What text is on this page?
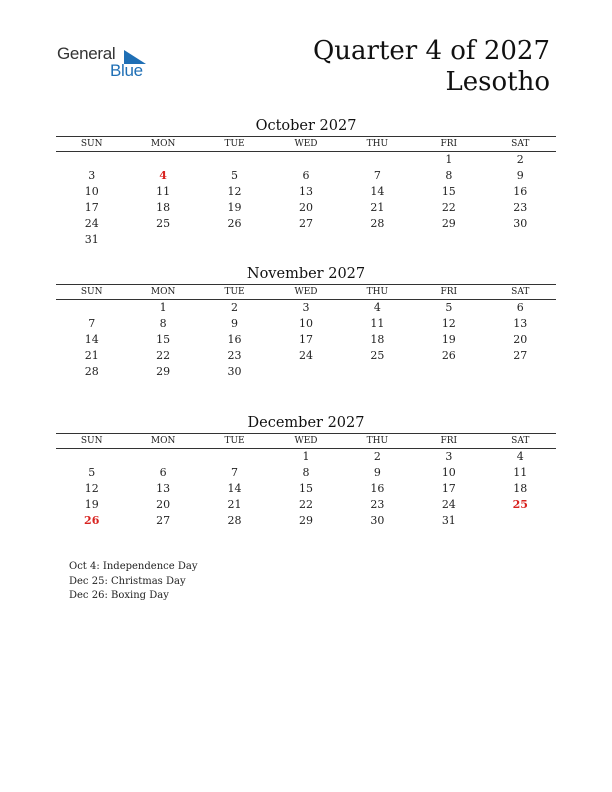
General
Blue
Quarter 4 of 2027
Lesotho
October 2027
SUN	MON	TUE	WED	THU	FRI	SAT
					1	2
3	4	5	6	7	8	9
10	11	12	13	14	15	16
17	18	19	20	21	22	23
24	25	26	27	28	29	30
31						
November 2027
SUN	MON	TUE	WED	THU	FRI	SAT
	1	2	3	4	5	6
7	8	9	10	11	12	13
14	15	16	17	18	19	20
21	22	23	24	25	26	27
28	29	30				
December 2027
SUN	MON	TUE	WED	THU	FRI	SAT
			1	2	3	4
5	6	7	8	9	10	11
12	13	14	15	16	17	18
19	20	21	22	23	24	25
26	27	28	29	30	31	
Oct 4: Independence Day
Dec 25: Christmas Day
Dec 26: Boxing Day
